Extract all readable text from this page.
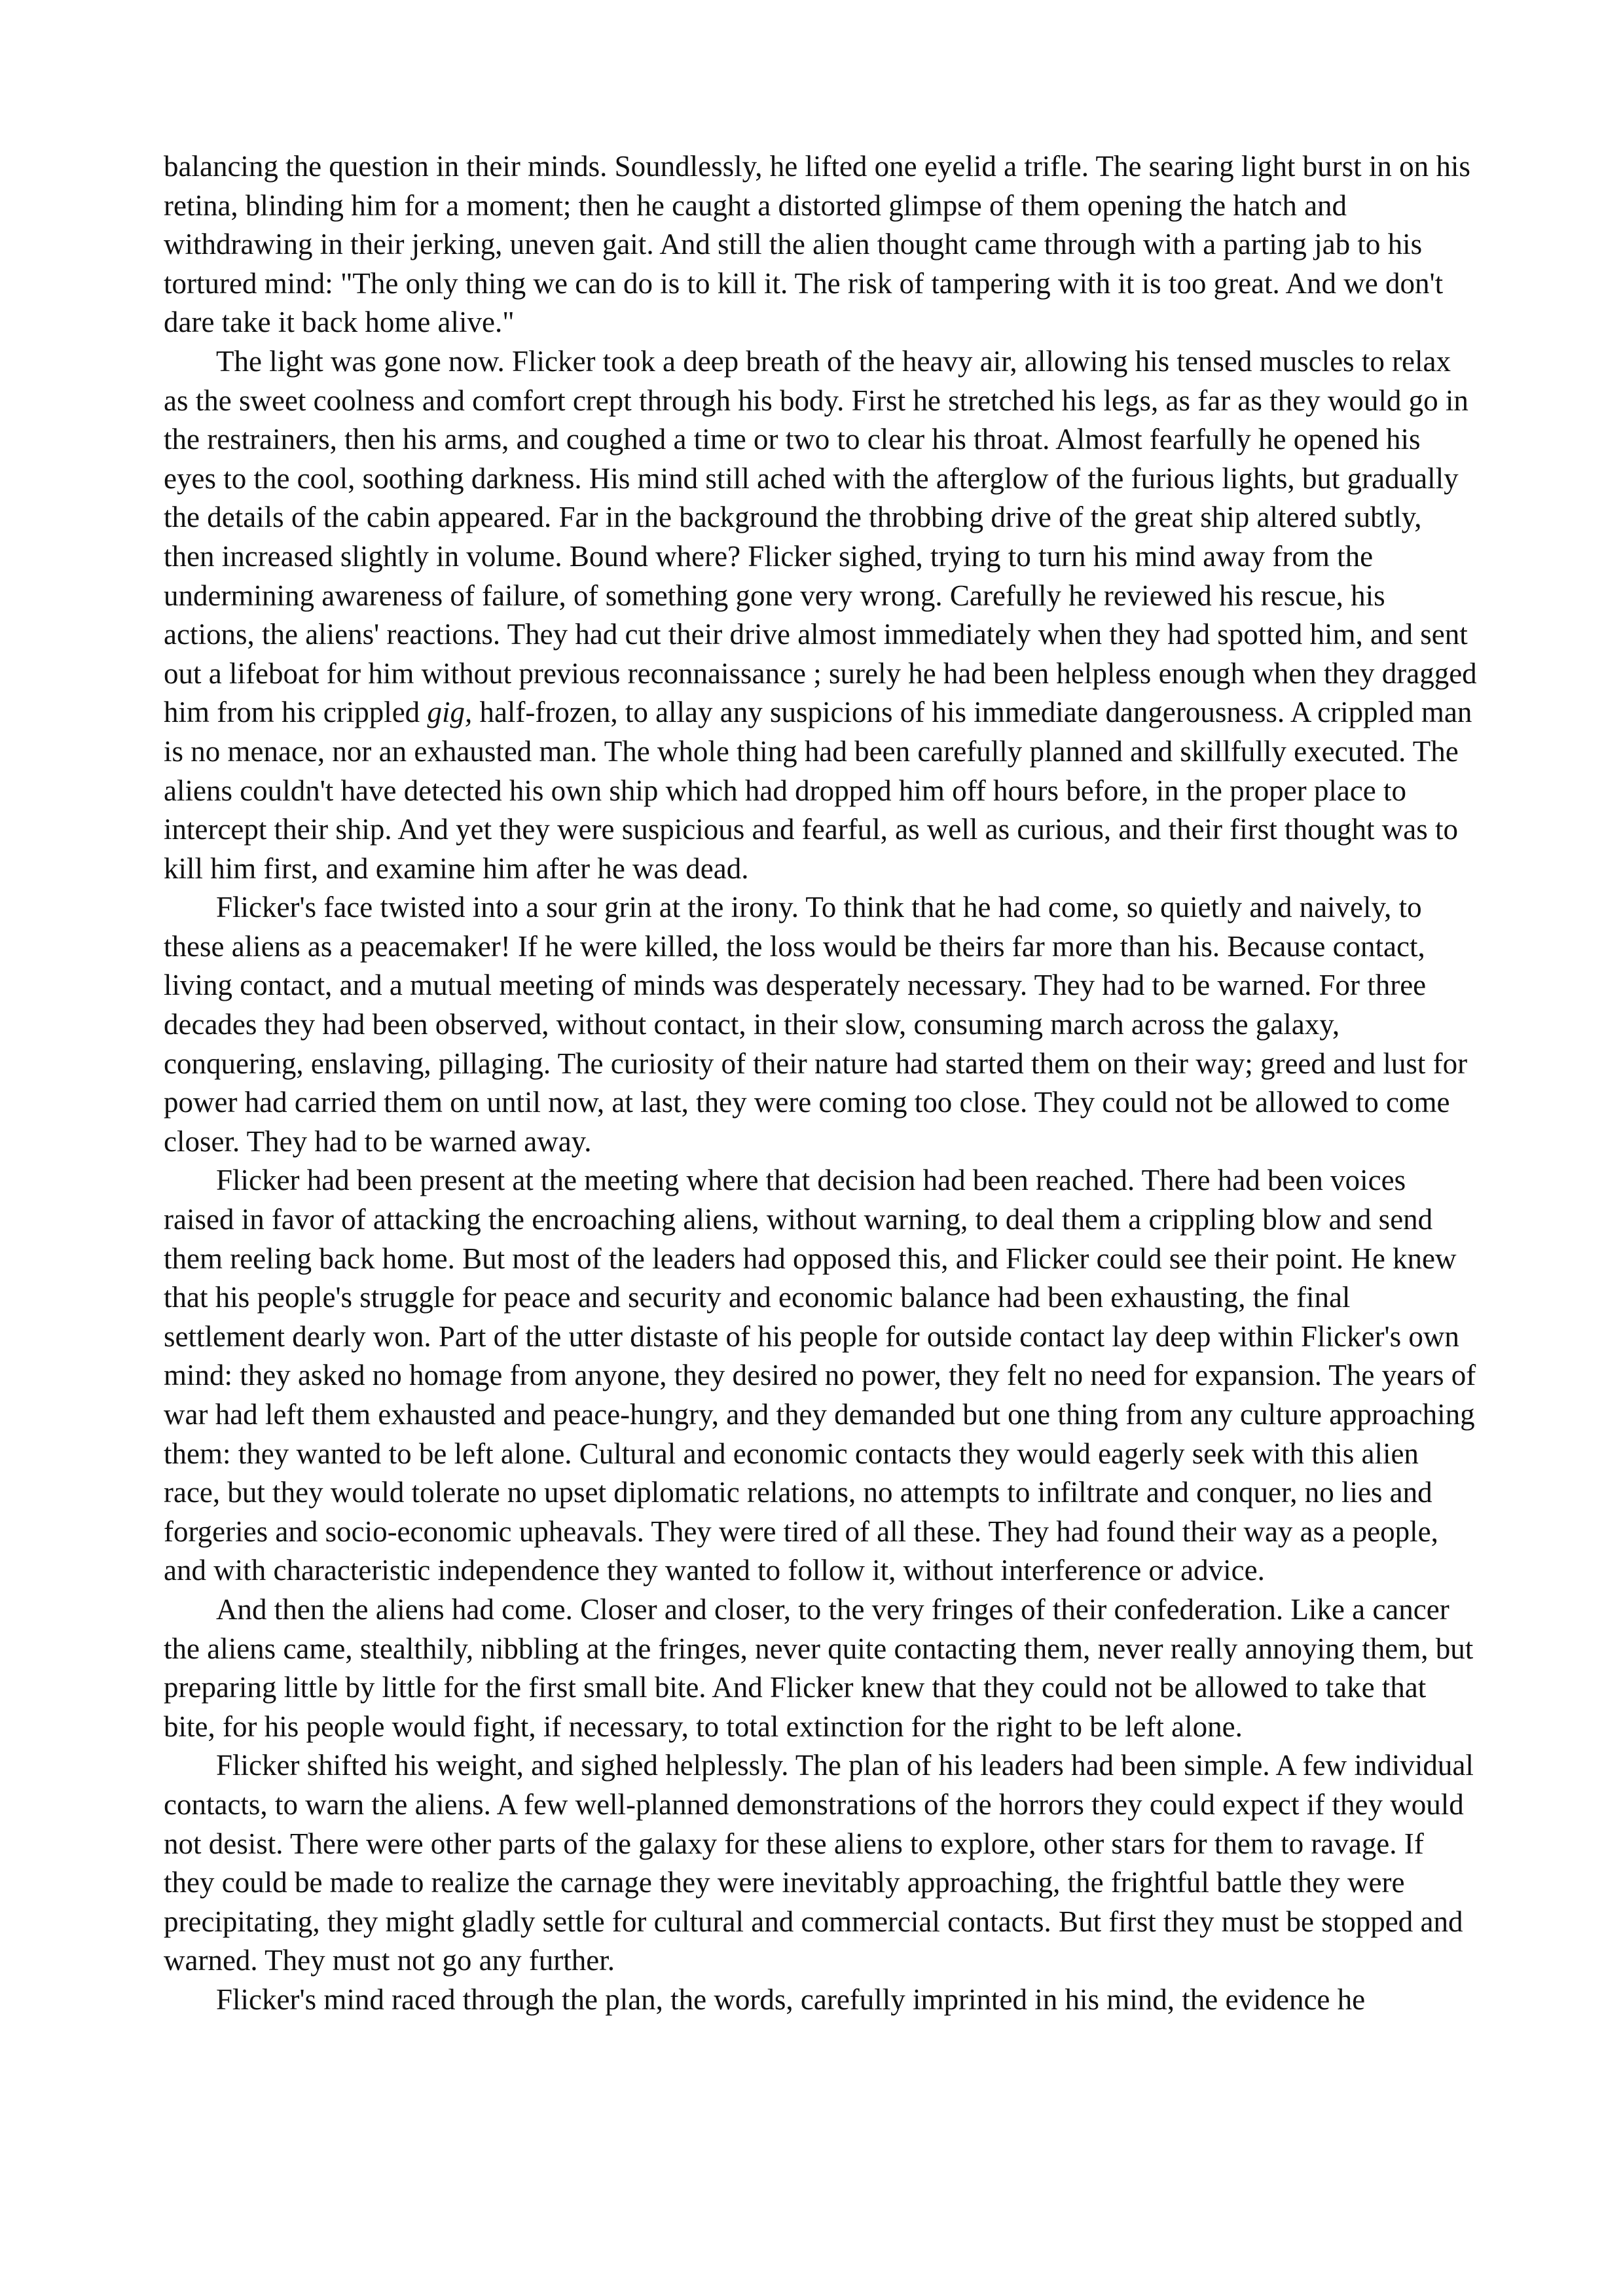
balancing the question in their minds. Soundlessly, he lifted one eyelid a trifle. The searing light burst in on his retina, blinding him for a moment; then he caught a distorted glimpse of them opening the hatch and withdrawing in their jerking, uneven gait. And still the alien thought came through with a parting jab to his tortured mind: "The only thing we can do is to kill it. The risk of tampering with it is too great. And we don't dare take it back home alive."

The light was gone now. Flicker took a deep breath of the heavy air, allowing his tensed muscles to relax as the sweet coolness and comfort crept through his body. First he stretched his legs, as far as they would go in the restrainers, then his arms, and coughed a time or two to clear his throat. Almost fearfully he opened his eyes to the cool, soothing darkness. His mind still ached with the afterglow of the furious lights, but gradually the details of the cabin appeared. Far in the background the throbbing drive of the great ship altered subtly, then increased slightly in volume. Bound where? Flicker sighed, trying to turn his mind away from the undermining awareness of failure, of something gone very wrong. Carefully he reviewed his rescue, his actions, the aliens' reactions. They had cut their drive almost immediately when they had spotted him, and sent out a lifeboat for him without previous reconnaissance ; surely he had been helpless enough when they dragged him from his crippled gig, half-frozen, to allay any suspicions of his immediate dangerousness. A crippled man is no menace, nor an exhausted man. The whole thing had been carefully planned and skillfully executed. The aliens couldn't have detected his own ship which had dropped him off hours before, in the proper place to intercept their ship. And yet they were suspicious and fearful, as well as curious, and their first thought was to kill him first, and examine him after he was dead.

Flicker's face twisted into a sour grin at the irony. To think that he had come, so quietly and naively, to these aliens as a peacemaker! If he were killed, the loss would be theirs far more than his. Because contact, living contact, and a mutual meeting of minds was desperately necessary. They had to be warned. For three decades they had been observed, without contact, in their slow, consuming march across the galaxy, conquering, enslaving, pillaging. The curiosity of their nature had started them on their way; greed and lust for power had carried them on until now, at last, they were coming too close. They could not be allowed to come closer. They had to be warned away.

Flicker had been present at the meeting where that decision had been reached. There had been voices raised in favor of attacking the encroaching aliens, without warning, to deal them a crippling blow and send them reeling back home. But most of the leaders had opposed this, and Flicker could see their point. He knew that his people's struggle for peace and security and economic balance had been exhausting, the final settlement dearly won. Part of the utter distaste of his people for outside contact lay deep within Flicker's own mind: they asked no homage from anyone, they desired no power, they felt no need for expansion. The years of war had left them exhausted and peace-hungry, and they demanded but one thing from any culture approaching them: they wanted to be left alone. Cultural and economic contacts they would eagerly seek with this alien race, but they would tolerate no upset diplomatic relations, no attempts to infiltrate and conquer, no lies and forgeries and socio-economic upheavals. They were tired of all these. They had found their way as a people, and with characteristic independence they wanted to follow it, without interference or advice.

And then the aliens had come. Closer and closer, to the very fringes of their confederation. Like a cancer the aliens came, stealthily, nibbling at the fringes, never quite contacting them, never really annoying them, but preparing little by little for the first small bite. And Flicker knew that they could not be allowed to take that bite, for his people would fight, if necessary, to total extinction for the right to be left alone.

Flicker shifted his weight, and sighed helplessly. The plan of his leaders had been simple. A few individual contacts, to warn the aliens. A few well-planned demonstrations of the horrors they could expect if they would not desist. There were other parts of the galaxy for these aliens to explore, other stars for them to ravage. If they could be made to realize the carnage they were inevitably approaching, the frightful battle they were precipitating, they might gladly settle for cultural and commercial contacts. But first they must be stopped and warned. They must not go any further.

Flicker's mind raced through the plan, the words, carefully imprinted in his mind, the evidence he
